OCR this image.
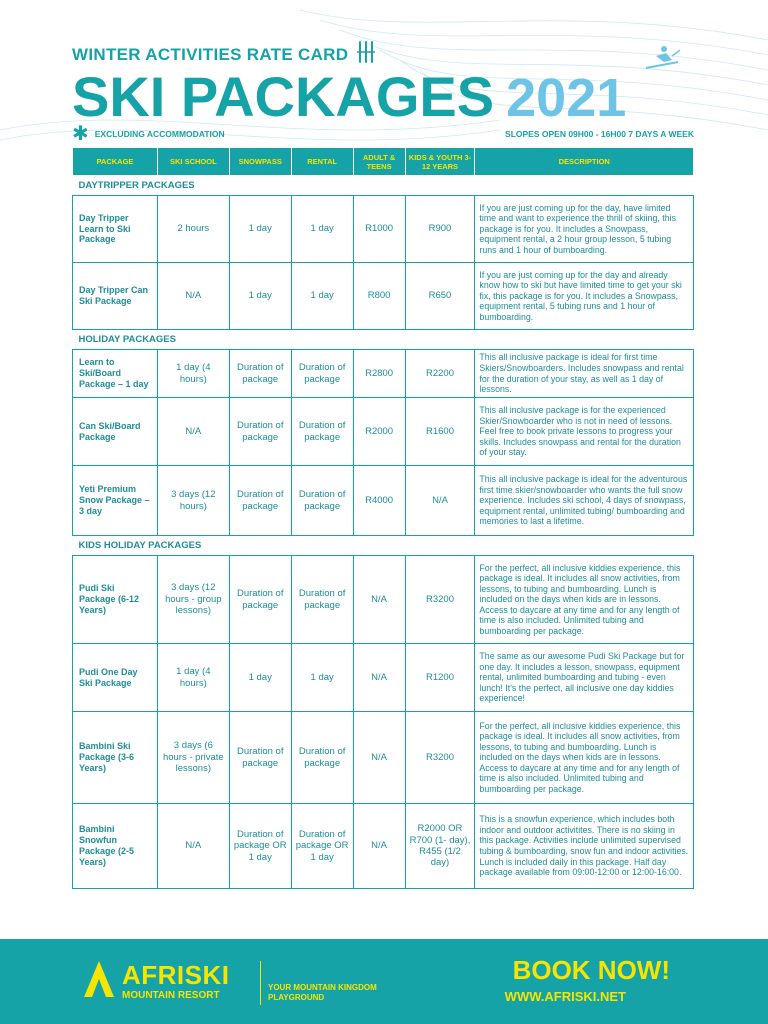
WINTER ACTIVITIES RATE CARD
SKI PACKAGES 2021
✱ EXCLUDING ACCOMMODATION	SLOPES OPEN 09H00 - 16H00 7 DAYS A WEEK
PACKAGE	SKI SCHOOL	SNOWPASS	RENTAL	ADULT & TEENS	KIDS & YOUTH 3-12 YEARS	DESCRIPTION
DAYTRIPPER PACKAGES						
Day Tripper Learn to Ski Package	2 hours	1 day	1 day	R1000	R900	If you are just coming up for the day, have limited time and want to experience the thrill of skiing, this package is for you. It includes a Snowpass, equipment rental, a 2 hour group lesson, 5 tubing runs and 1 hour of bumboarding.
Day Tripper Can Ski Package	N/A	1 day	1 day	R800	R650	If you are just coming up for the day and already know how to ski but have limited time to get your ski fix, this package is for you. It includes a Snowpass, equipment rental, 5 tubing runs and 1 hour of bumboarding.
HOLIDAY PACKAGES						
Learn to Ski/Board Package – 1 day	1 day (4 hours)	Duration of package	Duration of package	R2800	R2200	This all inclusive package is ideal for first time Skiers/Snowboarders. Includes snowpass and rental for the duration of your stay, as well as 1 day of lessons.
Can Ski/Board Package	N/A	Duration of package	Duration of package	R2000	R1600	This all inclusive package is for the experienced Skier/Snowboarder who is not in need of lessons. Feel free to book private lessons to progress your skills. Includes snowpass and rental for the duration of your stay.
Yeti Premium Snow Package – 3 day	3 days (12 hours)	Duration of package	Duration of package	R4000	N/A	This all inclusive package is ideal for the adventurous first time skier/snowboarder who wants the full snow experience. Includes ski school, 4 days of snowpass, equipment rental, unlimited tubing/ bumboarding and memories to last a lifetime.
KIDS HOLIDAY PACKAGES						
Pudi Ski Package (6-12 Years)	3 days (12 hours - group lessons)	Duration of package	Duration of package	N/A	R3200	For the perfect, all inclusive kiddies experience, this package is ideal. It includes all snow activities, from lessons, to tubing and bumboarding. Lunch is included on the days when kids are in lessons. Access to daycare at any time and for any length of time is also included. Unlimited tubing and bumboarding per package.
Pudi One Day Ski Package	1 day (4 hours)	1 day	1 day	N/A	R1200	The same as our awesome Pudi Ski Package but for one day. It includes a lesson, snowpass, equipment rental, unlimited bumboarding and tubing - even lunch! It's the perfect, all inclusive one day kiddies experience!
Bambini Ski Package (3-6 Years)	3 days (6 hours - private lessons)	Duration of package	Duration of package	N/A	R3200	For the perfect, all inclusive kiddies experience, this package is ideal. It includes all snow activities, from lessons, to tubing and bumboarding. Lunch is included on the days when kids are in lessons. Access to daycare at any time and for any length of time is also included. Unlimited tubing and bumboarding per package.
Bambini Snowfun Package (2-5 Years)	N/A	Duration of package OR 1 day	Duration of package OR 1 day	N/A	R2000 OR R700 (1- day), R455 (1/2 day)	This is a snowfun experience, which includes both indoor and outdoor activitites. There is no skiing in this package. Activities include unlimited supervised tubing & bumboarding, snow fun and indoor activities. Lunch is included daily in this package. Half day package available from 09:00-12:00 or 12:00-16:00.
AFRISKI
MOUNTAIN RESORT
YOUR MOUNTAIN KINGDOM PLAYGROUND
BOOK NOW!
WWW.AFRISKI.NET
